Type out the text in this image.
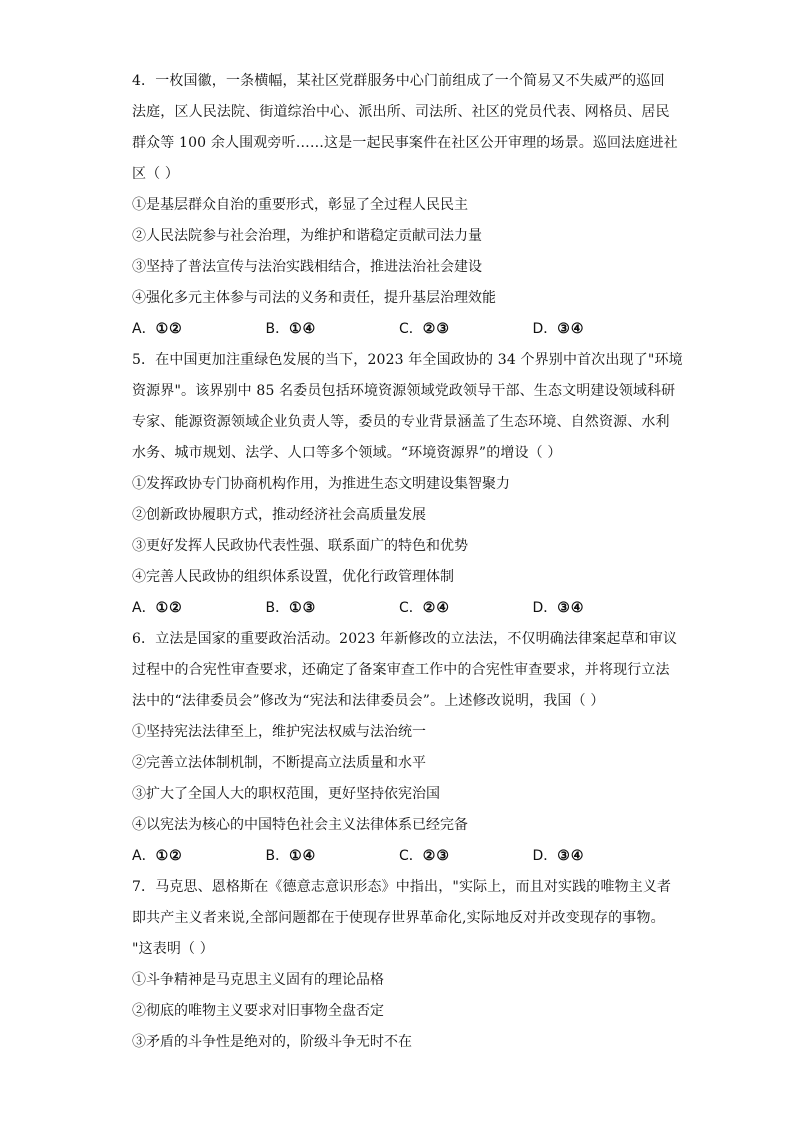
4．一枚国徽，一条横幅，某社区党群服务中心门前组成了一个简易又不失威严的巡回
法庭，区人民法院、街道综治中心、派出所、司法所、社区的党员代表、网格员、居民
群众等 100 余人围观旁听……这是一起民事案件在社区公开审理的场景。巡回法庭进社
区（ ）
①是基层群众自治的重要形式，彰显了全过程人民民主
②人民法院参与社会治理，为维护和谐稳定贡献司法力量
③坚持了普法宣传与法治实践相结合，推进法治社会建设
④强化多元主体参与司法的义务和责任，提升基层治理效能
A．①②	B．①④	C．②③	D．③④
5．在中国更加注重绿色发展的当下，2023 年全国政协的 34 个界别中首次出现了"环境
资源界"。该界别中 85 名委员包括环境资源领域党政领导干部、生态文明建设领域科研
专家、能源资源领域企业负责人等，委员的专业背景涵盖了生态环境、自然资源、水利
水务、城市规划、法学、人口等多个领域。“环境资源界”的增设（ ）
①发挥政协专门协商机构作用，为推进生态文明建设集智聚力
②创新政协履职方式，推动经济社会高质量发展
③更好发挥人民政协代表性强、联系面广的特色和优势
④完善人民政协的组织体系设置，优化行政管理体制
A．①②	B．①③	C．②④	D．③④
6．立法是国家的重要政治活动。2023 年新修改的立法法，不仅明确法律案起草和审议
过程中的合宪性审查要求，还确定了备案审查工作中的合宪性审查要求，并将现行立法
法中的“法律委员会”修改为“宪法和法律委员会”。上述修改说明，我国（ ）
①坚持宪法法律至上，维护宪法权威与法治统一
②完善立法体制机制，不断提高立法质量和水平
③扩大了全国人大的职权范围，更好坚持依宪治国
④以宪法为核心的中国特色社会主义法律体系已经完备
A．①②	B．①④	C．②③	D．③④
7．马克思、恩格斯在《德意志意识形态》中指出，"实际上，而且对实践的唯物主义者
即共产主义者来说,全部问题都在于使现存世界革命化,实际地反对并改变现存的事物。
"这表明（ ）
①斗争精神是马克思主义固有的理论品格
②彻底的唯物主义要求对旧事物全盘否定
③矛盾的斗争性是绝对的，阶级斗争无时不在
